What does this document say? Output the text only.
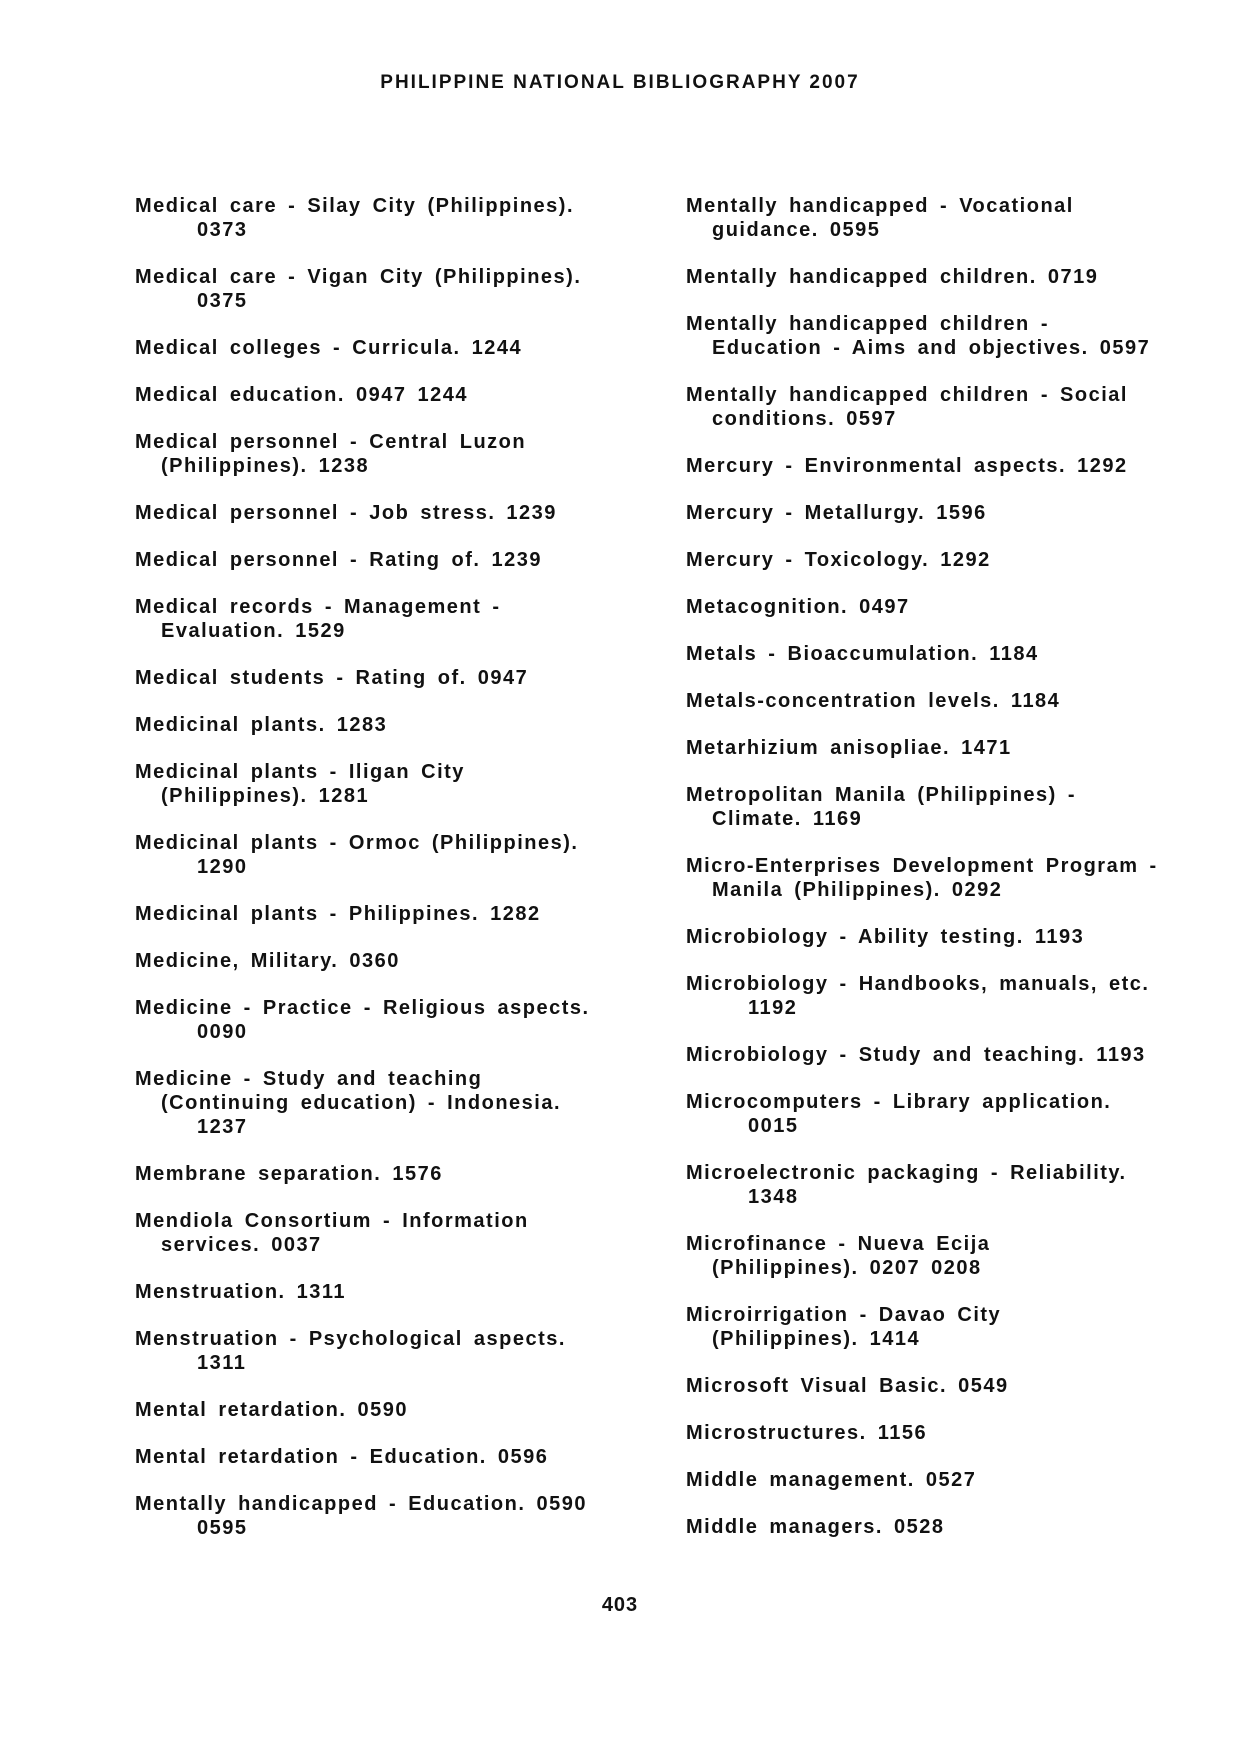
PHILIPPINE NATIONAL BIBLIOGRAPHY 2007
Medical care - Silay City (Philippines).
0373
Medical care - Vigan City (Philippines).
0375
Medical colleges - Curricula. 1244
Medical education. 0947 1244
Medical personnel - Central Luzon
(Philippines). 1238
Medical personnel - Job stress. 1239
Medical personnel - Rating of. 1239
Medical records - Management -
Evaluation. 1529
Medical students - Rating of. 0947
Medicinal plants. 1283
Medicinal plants - Iligan City
(Philippines). 1281
Medicinal plants - Ormoc (Philippines).
1290
Medicinal plants - Philippines. 1282
Medicine, Military. 0360
Medicine - Practice - Religious aspects.
0090
Medicine - Study and teaching
(Continuing education) - Indonesia.
1237
Membrane separation. 1576
Mendiola Consortium - Information
services. 0037
Menstruation. 1311
Menstruation - Psychological aspects.
1311
Mental retardation. 0590
Mental retardation - Education. 0596
Mentally handicapped - Education. 0590
0595
Mentally handicapped - Vocational
guidance. 0595
Mentally handicapped children. 0719
Mentally handicapped children -
Education - Aims and objectives. 0597
Mentally handicapped children - Social
conditions. 0597
Mercury - Environmental aspects. 1292
Mercury - Metallurgy. 1596
Mercury - Toxicology. 1292
Metacognition. 0497
Metals - Bioaccumulation. 1184
Metals-concentration levels. 1184
Metarhizium anisopliae. 1471
Metropolitan Manila (Philippines) -
Climate. 1169
Micro-Enterprises Development Program -
Manila (Philippines). 0292
Microbiology - Ability testing. 1193
Microbiology - Handbooks, manuals, etc.
1192
Microbiology - Study and teaching. 1193
Microcomputers - Library application.
0015
Microelectronic packaging - Reliability.
1348
Microfinance - Nueva Ecija
(Philippines). 0207 0208
Microirrigation - Davao City
(Philippines). 1414
Microsoft Visual Basic. 0549
Microstructures. 1156
Middle management. 0527
Middle managers. 0528
403
